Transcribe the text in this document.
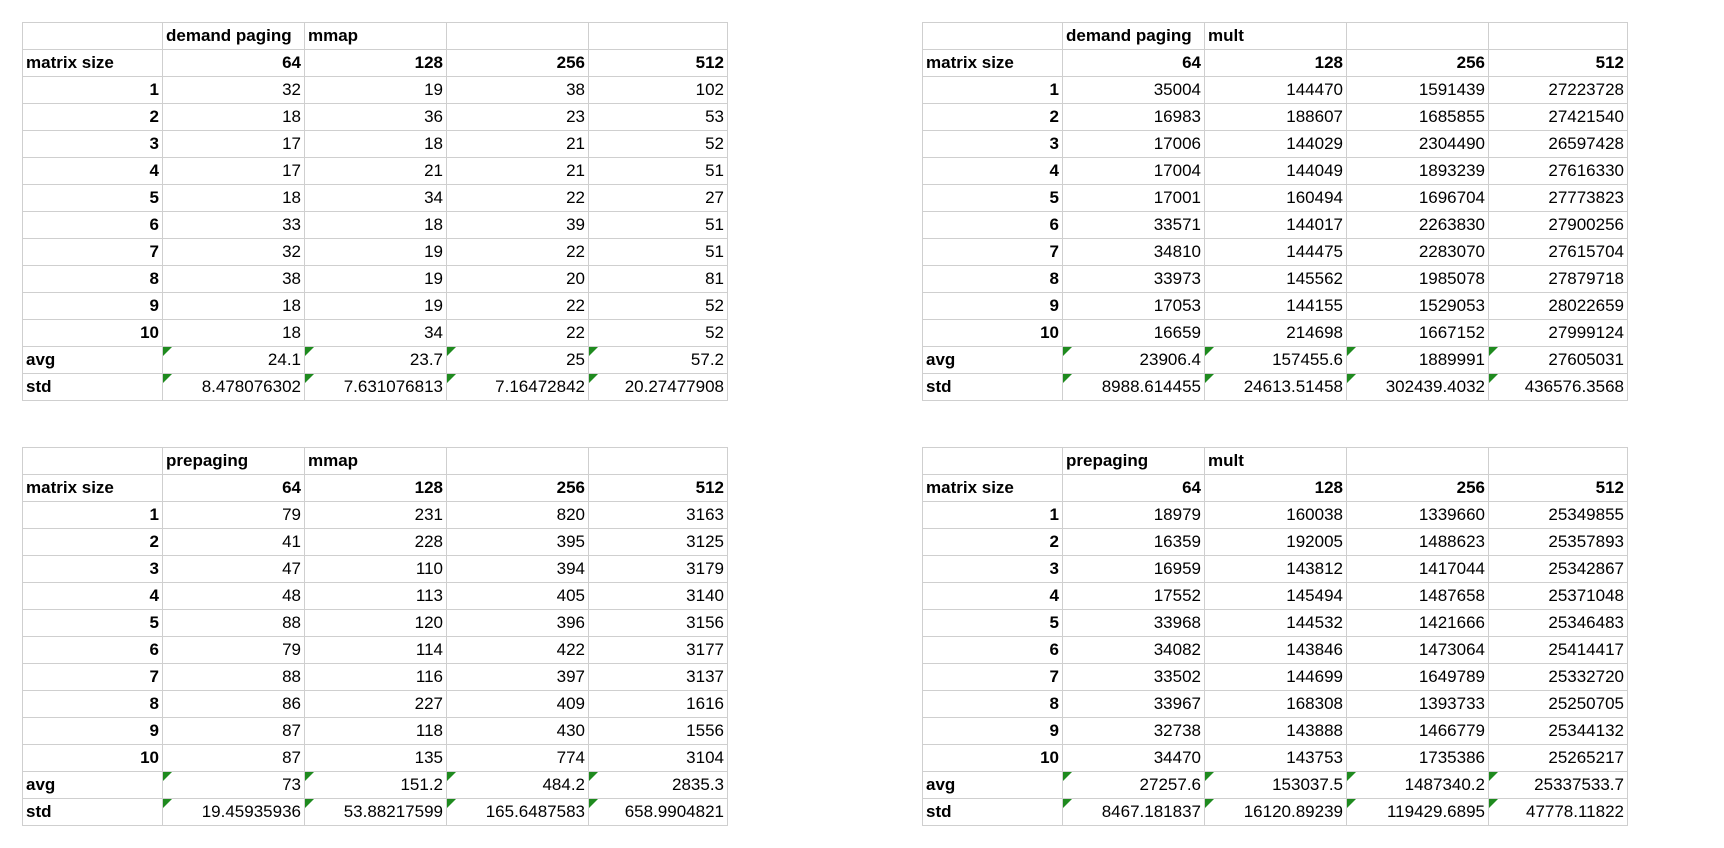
	demand paging	mmap		
matrix size	64	128	256	512
1	32	19	38	102
2	18	36	23	53
3	17	18	21	52
4	17	21	21	51
5	18	34	22	27
6	33	18	39	51
7	32	19	22	51
8	38	19	20	81
9	18	19	22	52
10	18	34	22	52
avg	24.1	23.7	25	57.2
std	8.478076302	7.631076813	7.16472842	20.27477908
	demand paging	mult		
matrix size	64	128	256	512
1	35004	144470	1591439	27223728
2	16983	188607	1685855	27421540
3	17006	144029	2304490	26597428
4	17004	144049	1893239	27616330
5	17001	160494	1696704	27773823
6	33571	144017	2263830	27900256
7	34810	144475	2283070	27615704
8	33973	145562	1985078	27879718
9	17053	144155	1529053	28022659
10	16659	214698	1667152	27999124
avg	23906.4	157455.6	1889991	27605031
std	8988.614455	24613.51458	302439.4032	436576.3568
	prepaging	mmap		
matrix size	64	128	256	512
1	79	231	820	3163
2	41	228	395	3125
3	47	110	394	3179
4	48	113	405	3140
5	88	120	396	3156
6	79	114	422	3177
7	88	116	397	3137
8	86	227	409	1616
9	87	118	430	1556
10	87	135	774	3104
avg	73	151.2	484.2	2835.3
std	19.45935936	53.88217599	165.6487583	658.9904821
	prepaging	mult		
matrix size	64	128	256	512
1	18979	160038	1339660	25349855
2	16359	192005	1488623	25357893
3	16959	143812	1417044	25342867
4	17552	145494	1487658	25371048
5	33968	144532	1421666	25346483
6	34082	143846	1473064	25414417
7	33502	144699	1649789	25332720
8	33967	168308	1393733	25250705
9	32738	143888	1466779	25344132
10	34470	143753	1735386	25265217
avg	27257.6	153037.5	1487340.2	25337533.7
std	8467.181837	16120.89239	119429.6895	47778.11822
